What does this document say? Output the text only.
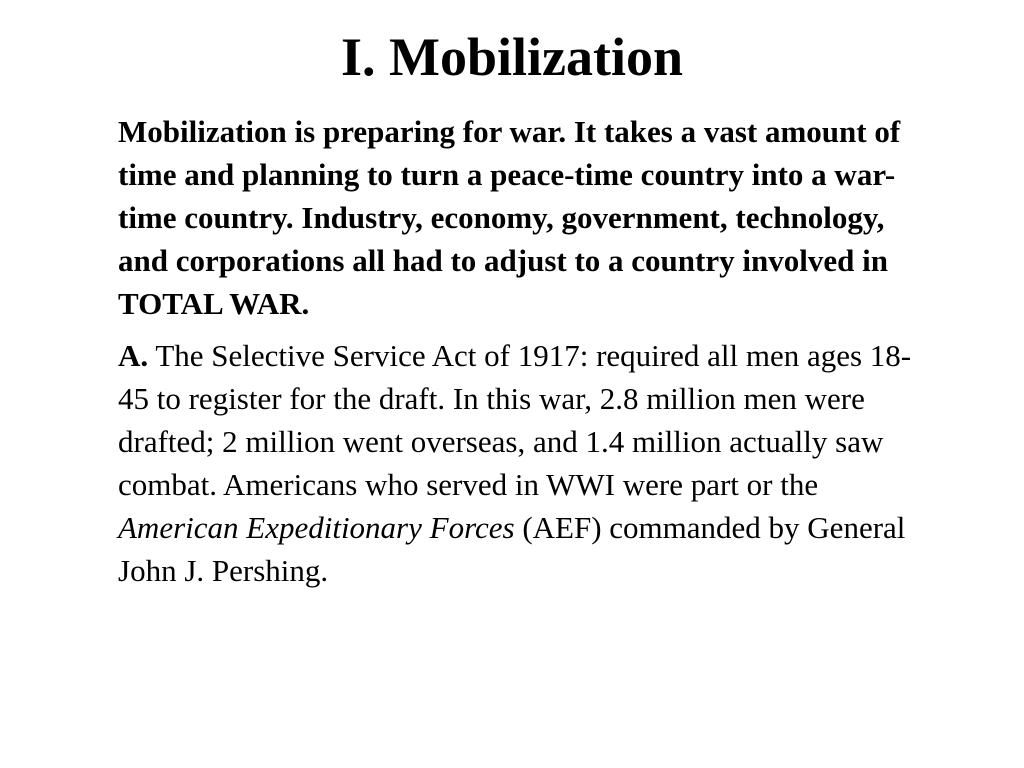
I. Mobilization

Mobilization is preparing for war. It takes a vast amount of time and planning to turn a peace-time country into a war-time country. Industry, economy, government, technology, and corporations all had to adjust to a country involved in TOTAL WAR.

A. The Selective Service Act of 1917: required all men ages 18-45 to register for the draft. In this war, 2.8 million men were drafted; 2 million went overseas, and 1.4 million actually saw combat. Americans who served in WWI were part or the American Expeditionary Forces (AEF) commanded by General John J. Pershing.
